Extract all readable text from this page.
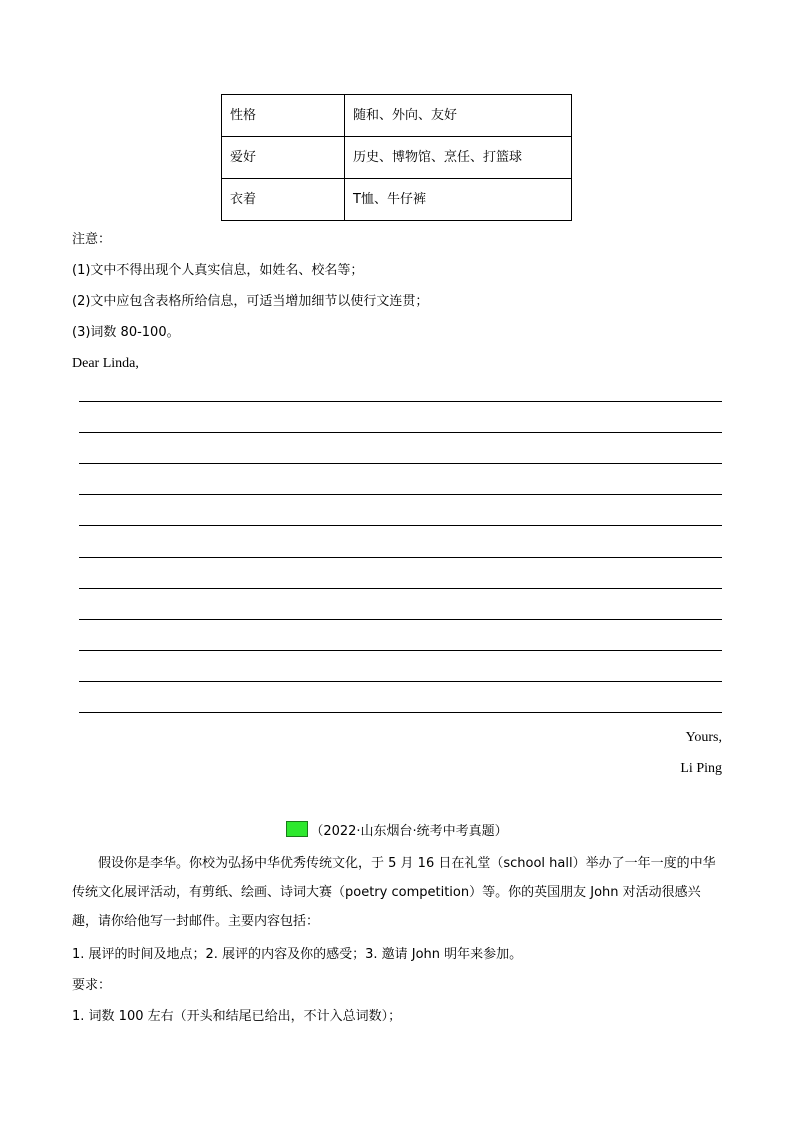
性格	随和、外向、友好
爱好	历史、博物馆、烹任、打篮球
衣着	T恤、牛仔裤
注意：
(1)文中不得出现个人真实信息，如姓名、校名等；
(2)文中应包含表格所给信息，可适当增加细节以使行文连贯；
(3)词数 80-100。
Dear Linda,
Yours,
Li Ping
（2022·山东烟台·统考中考真题）

假设你是李华。你校为弘扬中华优秀传统文化，于 5 月 16 日在礼堂（school hall）举办了一年一度的中华传统文化展评活动，有剪纸、绘画、诗词大赛（poetry competition）等。你的英国朋友 John 对活动很感兴趣，请你给他写一封邮件。主要内容包括：

1. 展评的时间及地点；2. 展评的内容及你的感受；3. 邀请 John 明年来参加。
要求：
1. 词数 100 左右（开头和结尾已给出，不计入总词数）；
